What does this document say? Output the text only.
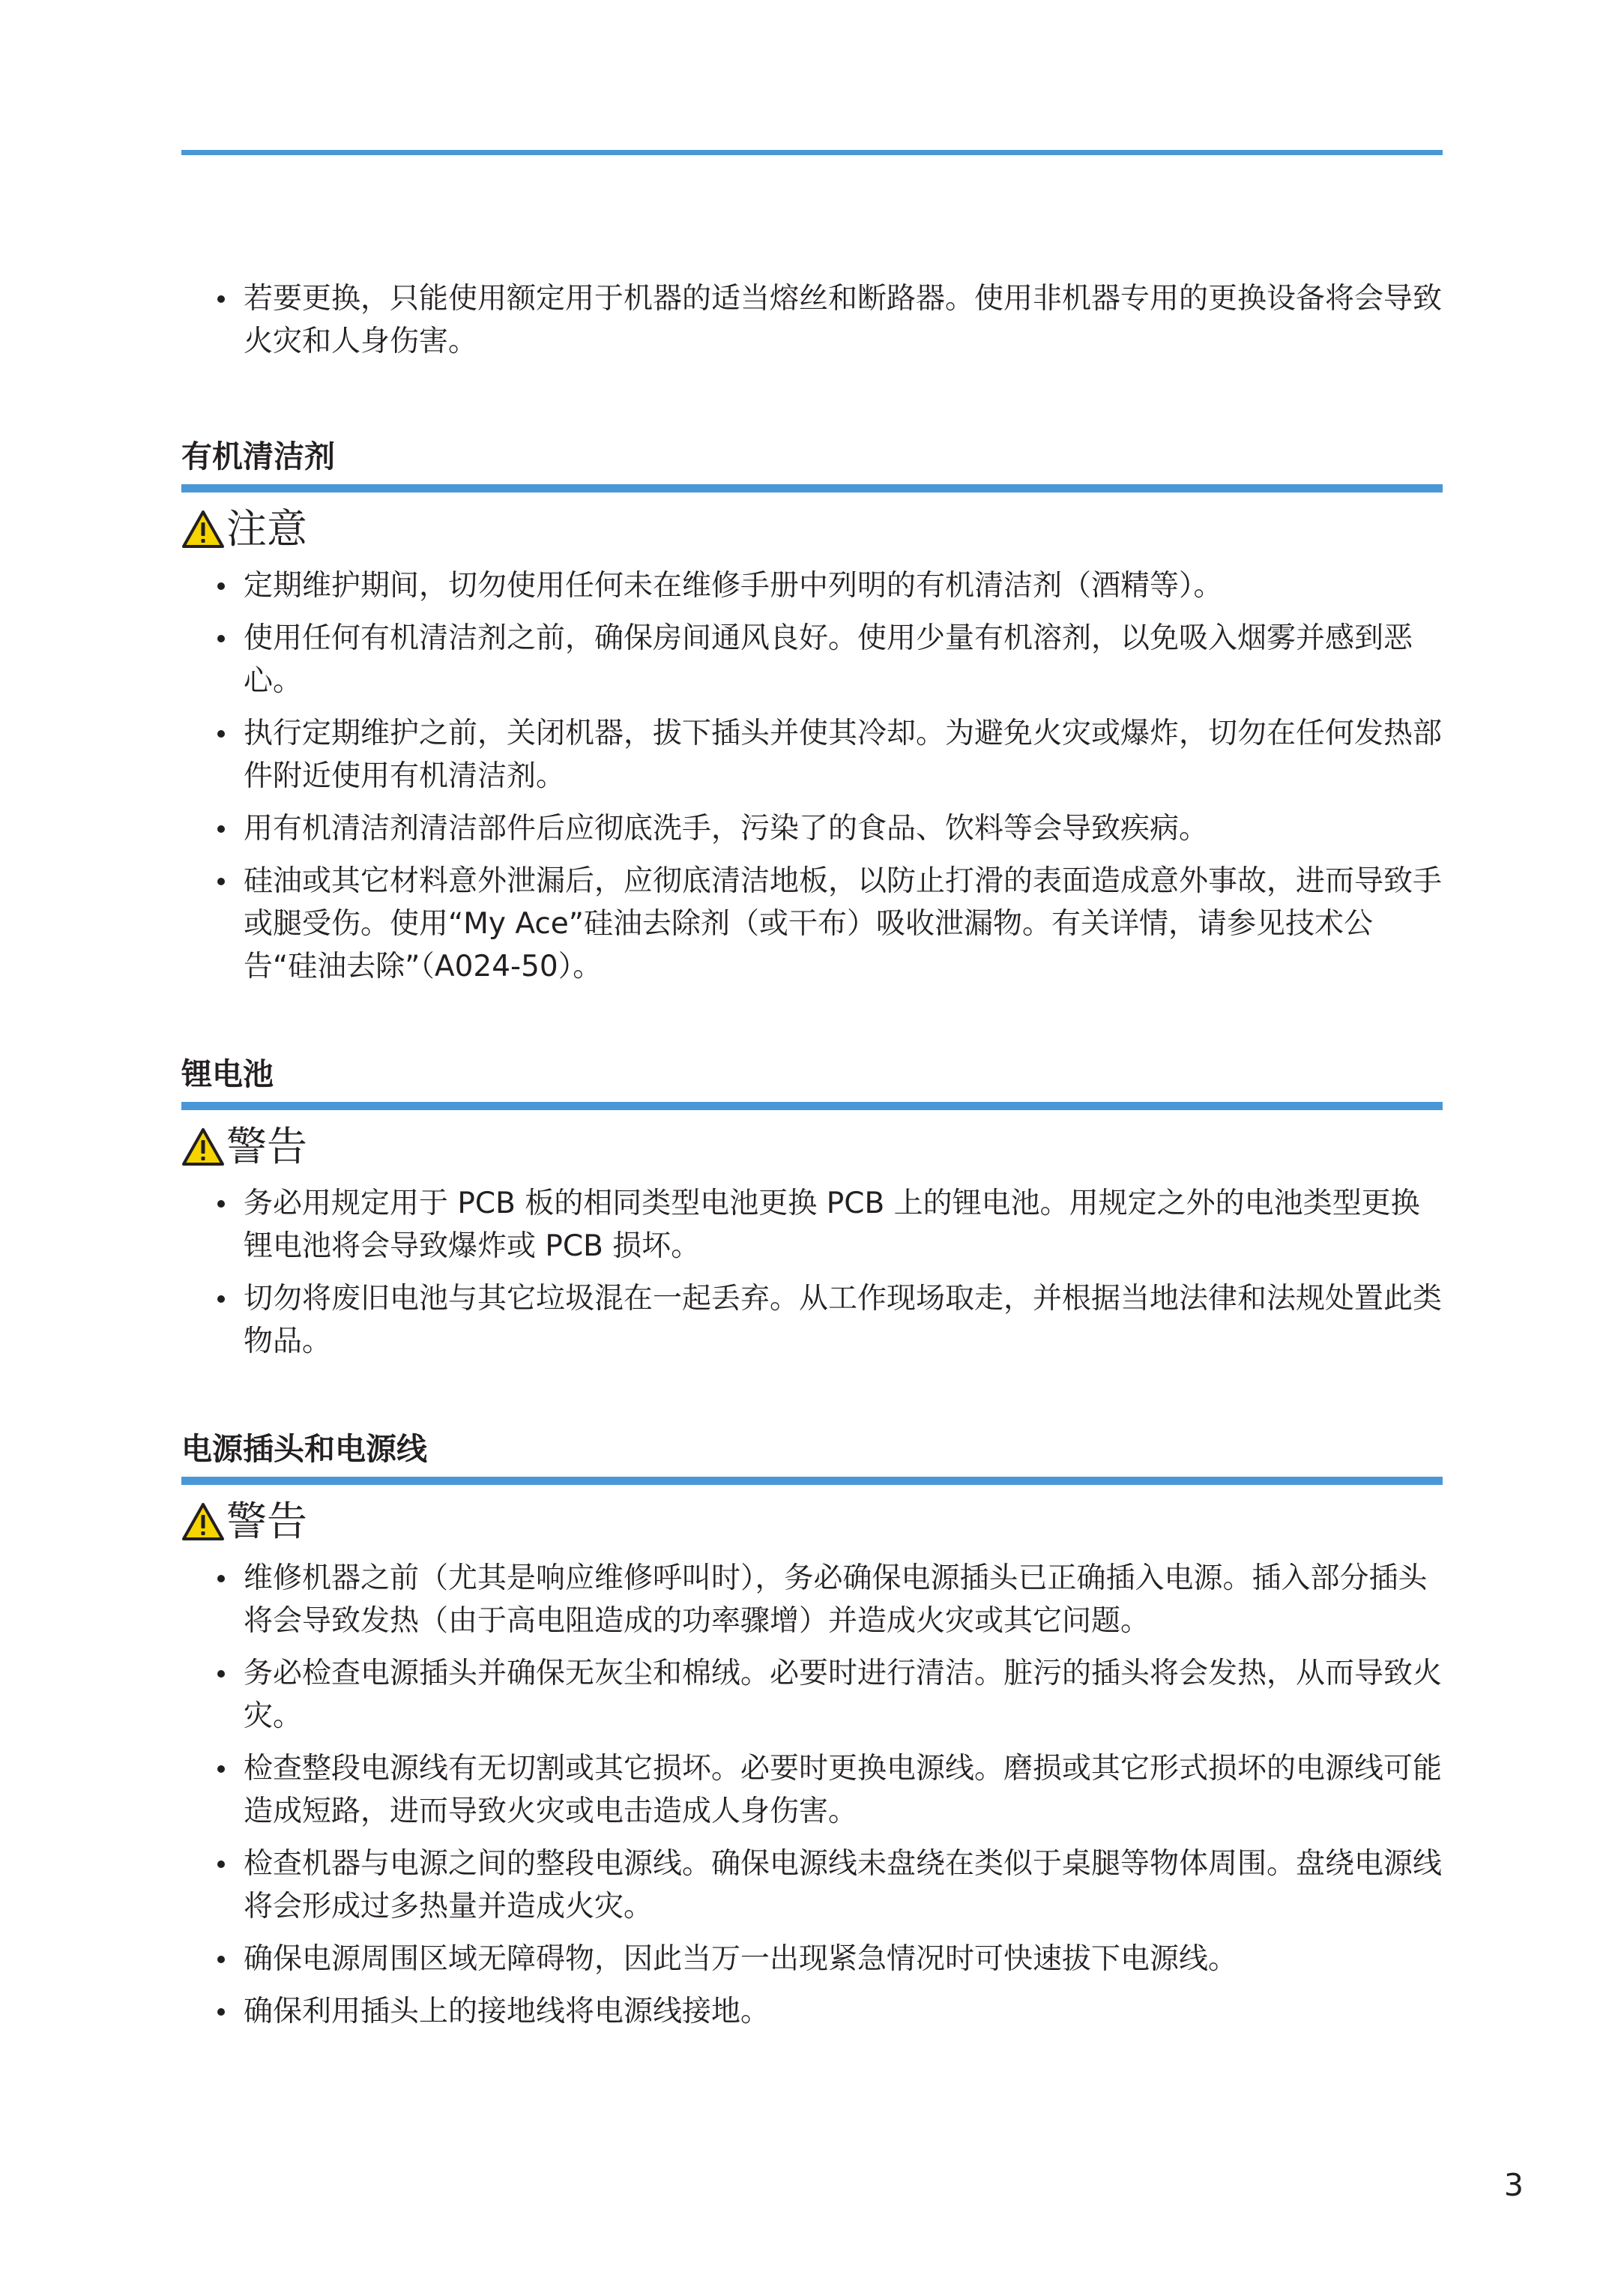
若要更换，只能使用额定用于机器的适当熔丝和断路器。使用非机器专用的更换设备将会导致火灾和人身伤害。
有机清洁剂
注意
定期维护期间，切勿使用任何未在维修手册中列明的有机清洁剂（酒精等）。
使用任何有机清洁剂之前，确保房间通风良好。使用少量有机溶剂，以免吸入烟雾并感到恶心。
执行定期维护之前，关闭机器，拔下插头并使其冷却。为避免火灾或爆炸，切勿在任何发热部件附近使用有机清洁剂。
用有机清洁剂清洁部件后应彻底洗手，污染了的食品、饮料等会导致疾病。
硅油或其它材料意外泄漏后，应彻底清洁地板，以防止打滑的表面造成意外事故，进而导致手或腿受伤。使用“My Ace”硅油去除剂（或干布）吸收泄漏物。有关详情，请参见技术公告“硅油去除”（A024-50）。
锂电池
警告
务必用规定用于 PCB 板的相同类型电池更换 PCB 上的锂电池。用规定之外的电池类型更换锂电池将会导致爆炸或 PCB 损坏。
切勿将废旧电池与其它垃圾混在一起丢弃。从工作现场取走，并根据当地法律和法规处置此类物品。
电源插头和电源线
警告
维修机器之前（尤其是响应维修呼叫时），务必确保电源插头已正确插入电源。插入部分插头将会导致发热（由于高电阻造成的功率骤增）并造成火灾或其它问题。
务必检查电源插头并确保无灰尘和棉绒。必要时进行清洁。脏污的插头将会发热，从而导致火灾。
检查整段电源线有无切割或其它损坏。必要时更换电源线。磨损或其它形式损坏的电源线可能造成短路，进而导致火灾或电击造成人身伤害。
检查机器与电源之间的整段电源线。确保电源线未盘绕在类似于桌腿等物体周围。盘绕电源线将会形成过多热量并造成火灾。
确保电源周围区域无障碍物，因此当万一出现紧急情况时可快速拔下电源线。
确保利用插头上的接地线将电源线接地。
3
